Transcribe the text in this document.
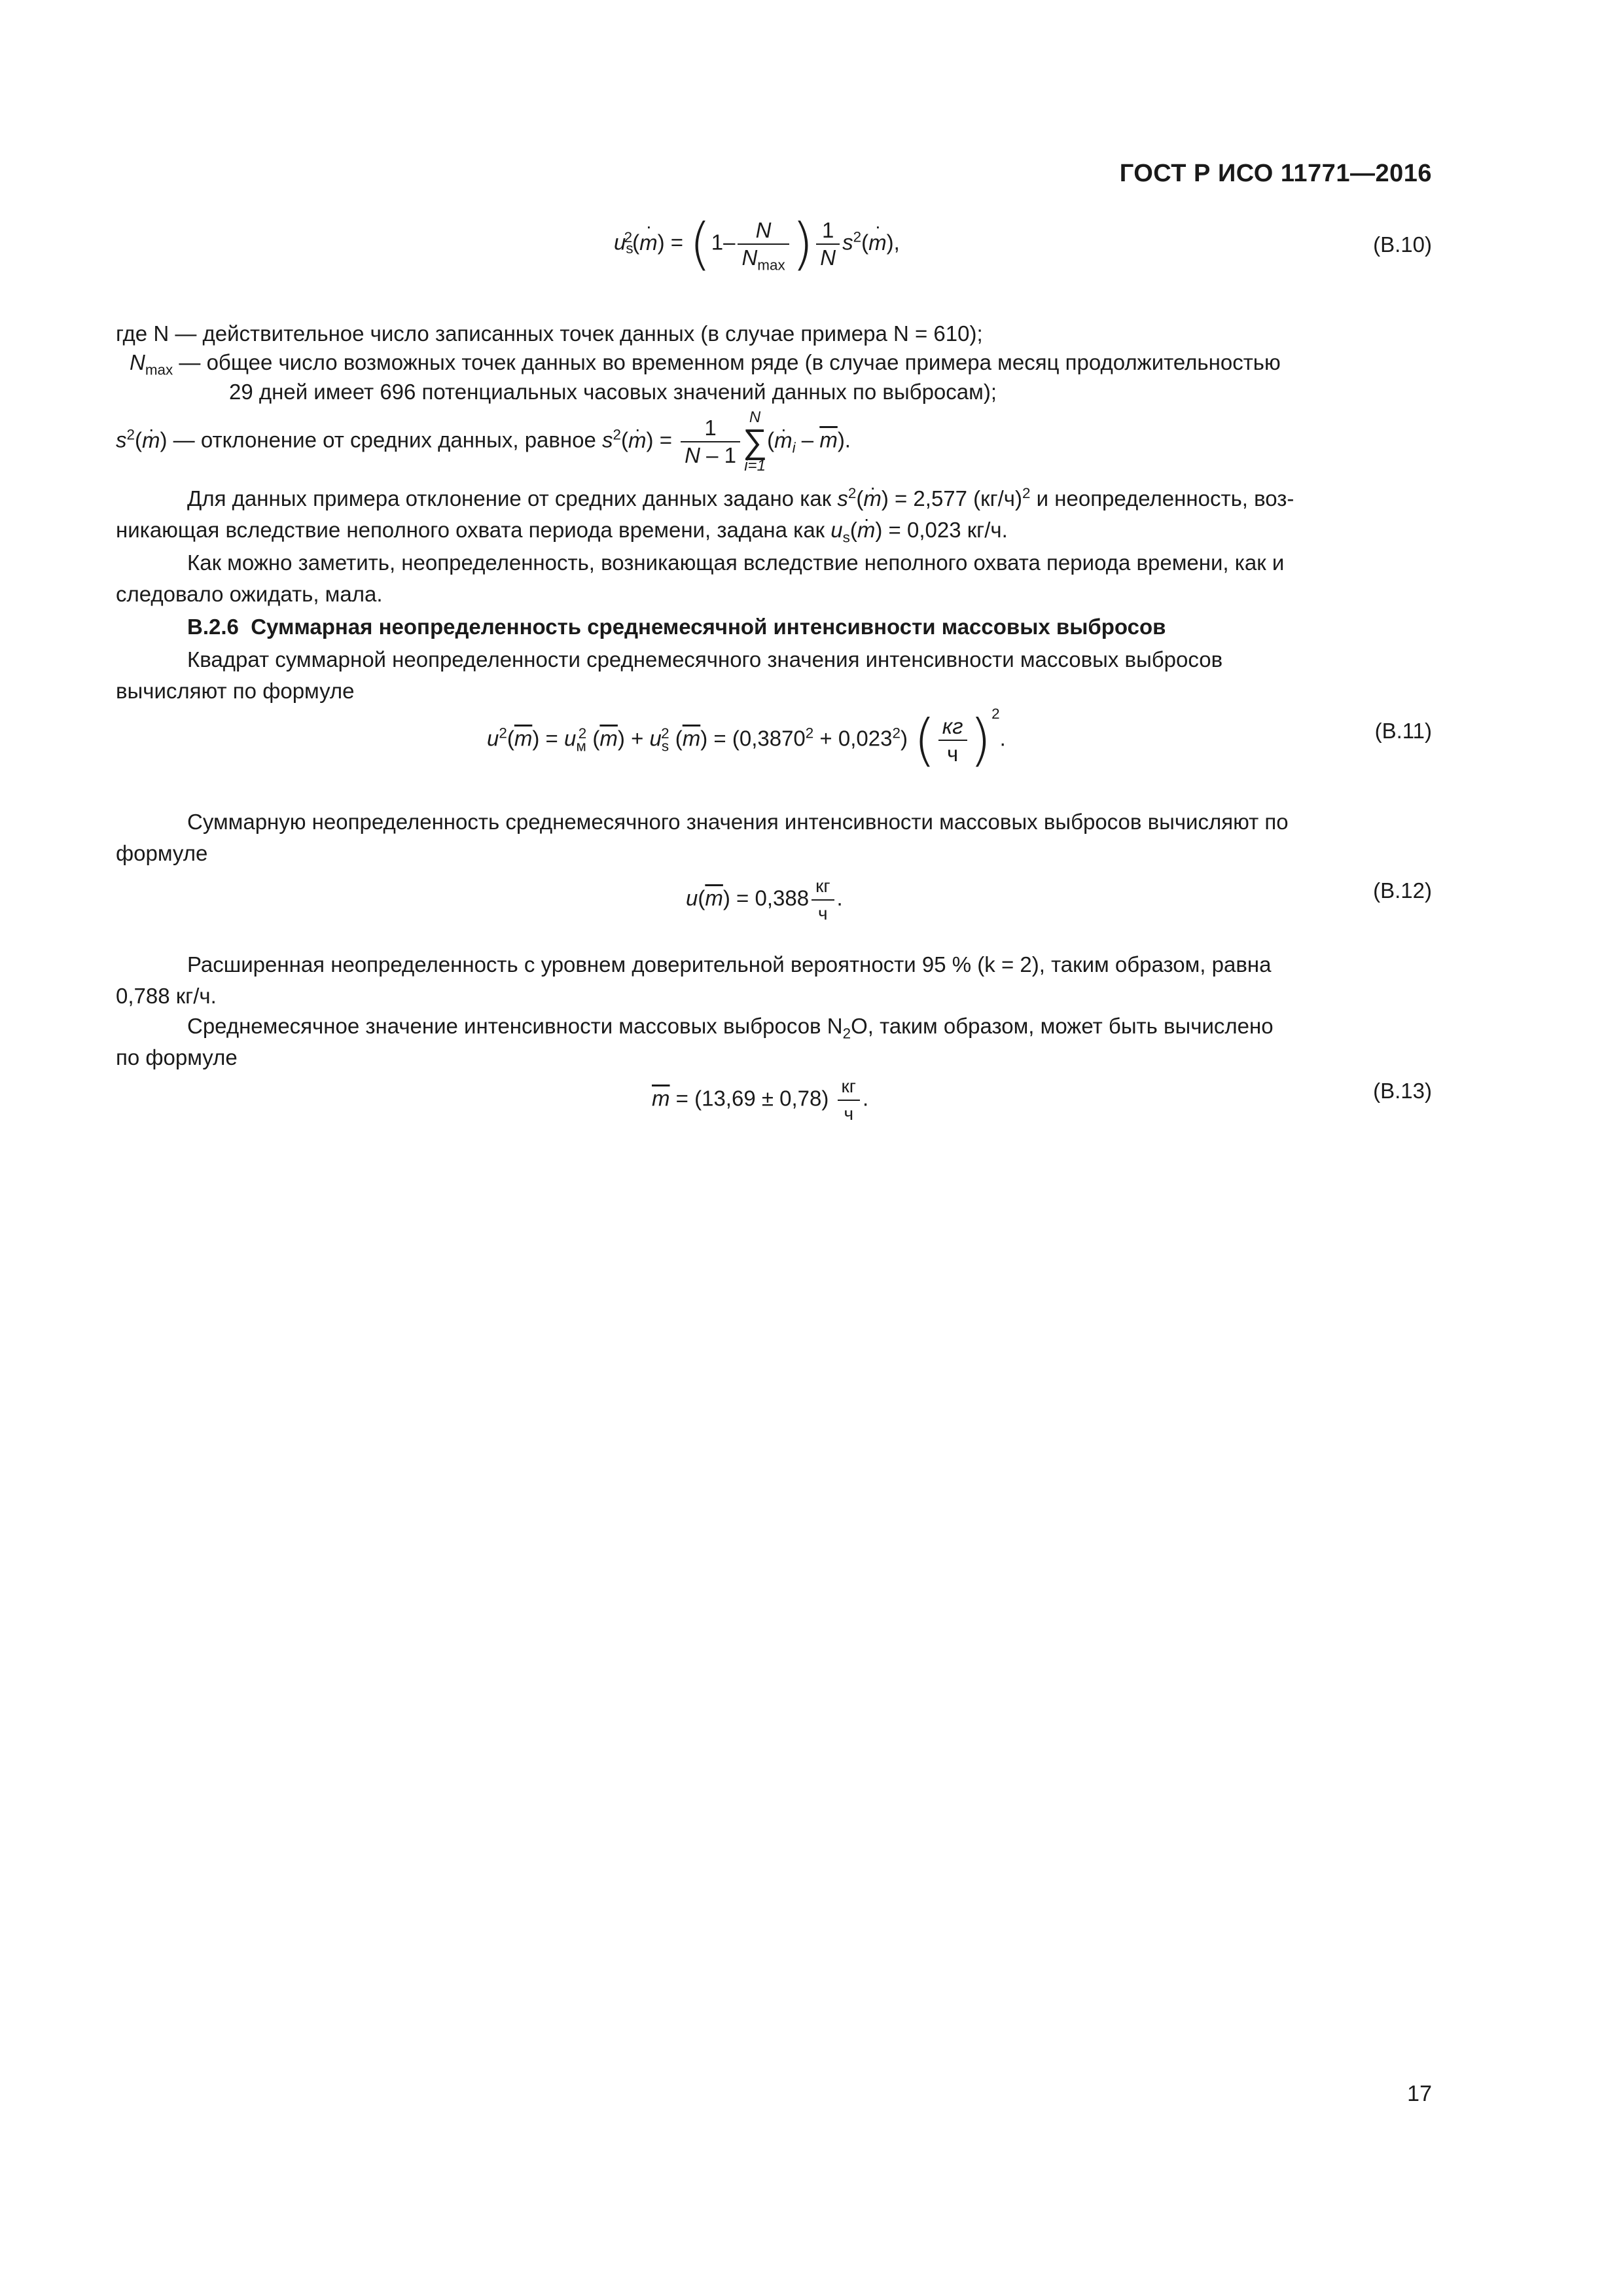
ГОСТ Р ИСО 11771—2016
$u_s^2(m$ ·) = ($1- \frac{N}{N_{max}}$ ) $\frac{1}{N} s^2(m$ ·),	(B.10)
где N — действительное число записанных точек данных (в случае примера N = 610);
$N_{max}$ — общее число возможных точек данных во временном ряде (в случае примера месяц продолжительностью
29 дней имеет 696 потенциальных часовых значений данных по выбросам);
$s^2(m$ ·) — отклонение от средних данных, равное $s^2(m$ ·) = $\frac{1}{N - 1}$ N
∑
i=1
$(m \cdot_i - \overline{m})$.
Для данных примера отклонение от средних данных задано как $s^2(m$ ·) = 2,577 $(кг/ч)^2$ и неопределенность, воз-
никающая вследствие неполного охвата периода времени, задана как $u_s(m$ ·) = 0,023 кг/ч.
Как можно заметить, неопределенность, возникающая вследствие неполного охвата периода времени, как и
следовало ожидать, мала.
B.2.6 Суммарная неопределенность среднемесячной интенсивности массовых выбросов
Квадрат суммарной неопределенности среднемесячного значения интенсивности массовых выбросов
вычисляют по формуле
$u^2(\overline{m}) = u_м^2$ $(\overline{m}) + u_s^2$ $(\overline{m}) = (0,3870^2 + 0,023^2)$ ( $\frac{кг}{ч} )^2$.	(B.11)
Суммарную неопределенность среднемесячного значения интенсивности массовых выбросов вычисляют по
формуле
$u(\overline{m}) = 0,388 \frac{кг}{ч}$ .	(B.12)
Расширенная неопределенность с уровнем доверительной вероятности 95 % (k = 2), таким образом, равна
0,788 кг/ч.
Среднемесячное значение интенсивности массовых выбросов $N_2O$, таким образом, может быть вычислено
по формуле
$\overline{m} = (13,69 \pm 0,78) \frac{кг}{ч}$ .	(B.13)
17
